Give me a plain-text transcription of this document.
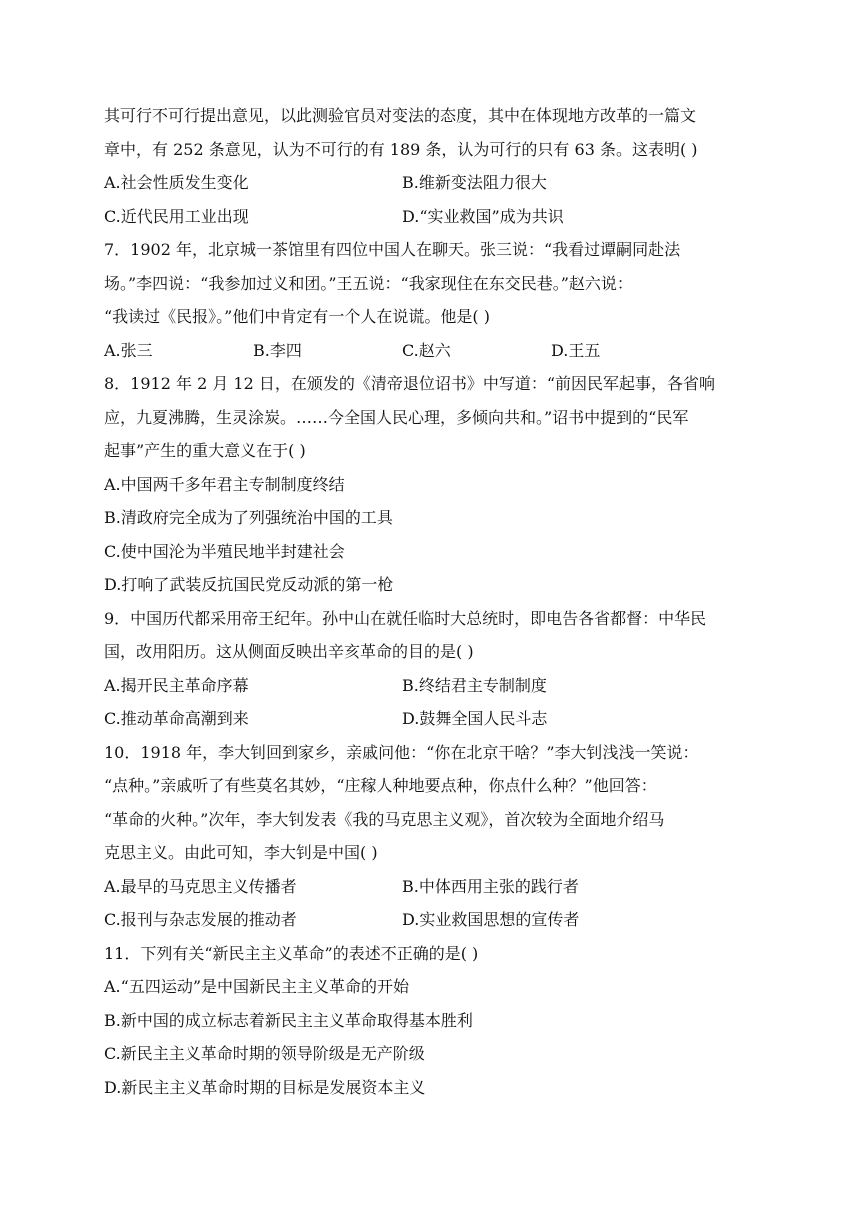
其可行不可行提出意见，以此测验官员对变法的态度，其中在体现地方改革的一篇文
章中，有 252 条意见，认为不可行的有 189 条，认为可行的只有 63 条。这表明( )
A.社会性质发生变化	B.维新变法阻力很大
C.近代民用工业出现	D.“实业救国”成为共识
7．1902 年，北京城一茶馆里有四位中国人在聊天。张三说：“我看过谭嗣同赴法
场。”李四说：“我参加过义和团。”王五说：“我家现住在东交民巷。”赵六说：
“我读过《民报》。”他们中肯定有一个人在说谎。他是( )
A.张三	B.李四	C.赵六	D.王五
8．1912 年 2 月 12 日，在颁发的《清帝退位诏书》中写道：“前因民军起事，各省响
应，九夏沸腾，生灵涂炭。……今全国人民心理，多倾向共和。”诏书中提到的“民军
起事”产生的重大意义在于( )
A.中国两千多年君主专制制度终结
B.清政府完全成为了列强统治中国的工具
C.使中国沦为半殖民地半封建社会
D.打响了武装反抗国民党反动派的第一枪
9．中国历代都采用帝王纪年。孙中山在就任临时大总统时，即电告各省都督：中华民
国，改用阳历。这从侧面反映出辛亥革命的目的是( )
A.揭开民主革命序幕	B.终结君主专制制度
C.推动革命高潮到来	D.鼓舞全国人民斗志
10．1918 年，李大钊回到家乡，亲戚问他：“你在北京干啥？”李大钊浅浅一笑说：
“点种。”亲戚听了有些莫名其妙，“庄稼人种地要点种，你点什么种？”他回答：
“革命的火种。”次年，李大钊发表《我的马克思主义观》，首次较为全面地介绍马
克思主义。由此可知，李大钊是中国( )
A.最早的马克思主义传播者	B.中体西用主张的践行者
C.报刊与杂志发展的推动者	D.实业救国思想的宣传者
11．下列有关“新民主主义革命”的表述不正确的是( )
A.“五四运动”是中国新民主主义革命的开始
B.新中国的成立标志着新民主主义革命取得基本胜利
C.新民主主义革命时期的领导阶级是无产阶级
D.新民主主义革命时期的目标是发展资本主义
